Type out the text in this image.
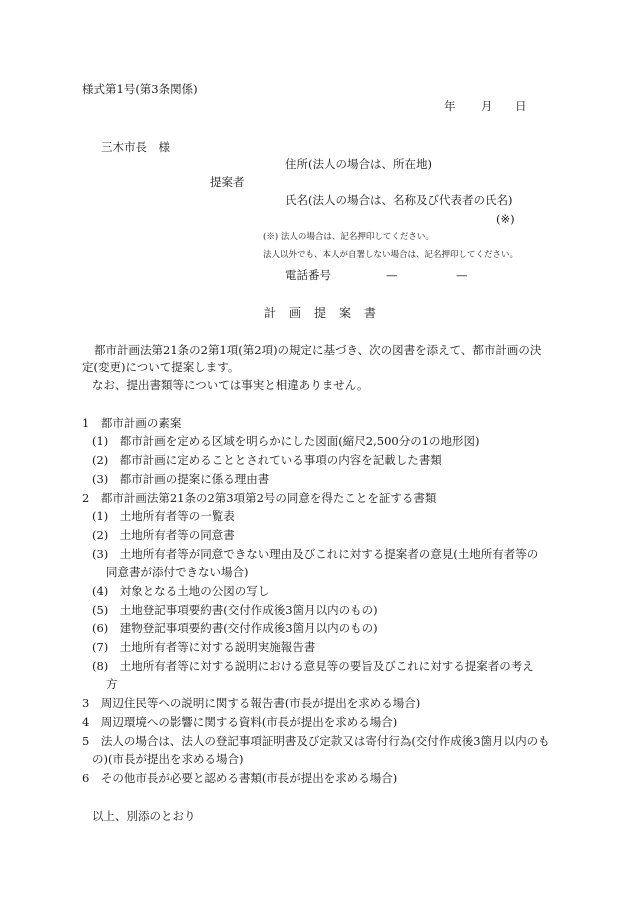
様式第1号(第3条関係)
年 月 日
三木市長　様
住所(法人の場合は、所在地)
提案者
氏名(法人の場合は、名称及び代表者の氏名)
(※)
(※) 法人の場合は、記名押印してください。
法人以外でも、本人が自署しない場合は、記名押印してください。
電話番号	—	—
計画提案書

都市計画法第21条の2第1項(第2項)の規定に基づき、次の図書を添えて、都市計画の決定(変更)について提案します。

なお、提出書類等については事実と相違ありません。
1　都市計画の素案
(1)　都市計画を定める区域を明らかにした図面(縮尺2,500分の1の地形図)
(2)　都市計画に定めることとされている事項の内容を記載した書類
(3)　都市計画の提案に係る理由書
2　都市計画法第21条の2第3項第2号の同意を得たことを証する書類
(1)　土地所有者等の一覧表
(2)　土地所有者等の同意書
(3)　土地所有者等が同意できない理由及びこれに対する提案者の意見(土地所有者等の
同意書が添付できない場合)
(4)　対象となる土地の公図の写し
(5)　土地登記事項要約書(交付作成後3箇月以内のもの)
(6)　建物登記事項要約書(交付作成後3箇月以内のもの)
(7)　土地所有者等に対する説明実施報告書
(8)　土地所有者等に対する説明における意見等の要旨及びこれに対する提案者の考え
方
3　周辺住民等への説明に関する報告書(市長が提出を求める場合)
4　周辺環境への影響に関する資料(市長が提出を求める場合)
5　法人の場合は、法人の登記事項証明書及び定款又は寄付行為(交付作成後3箇月以内のも
の)(市長が提出を求める場合)
6　その他市長が必要と認める書類(市長が提出を求める場合)
以上、別添のとおり
